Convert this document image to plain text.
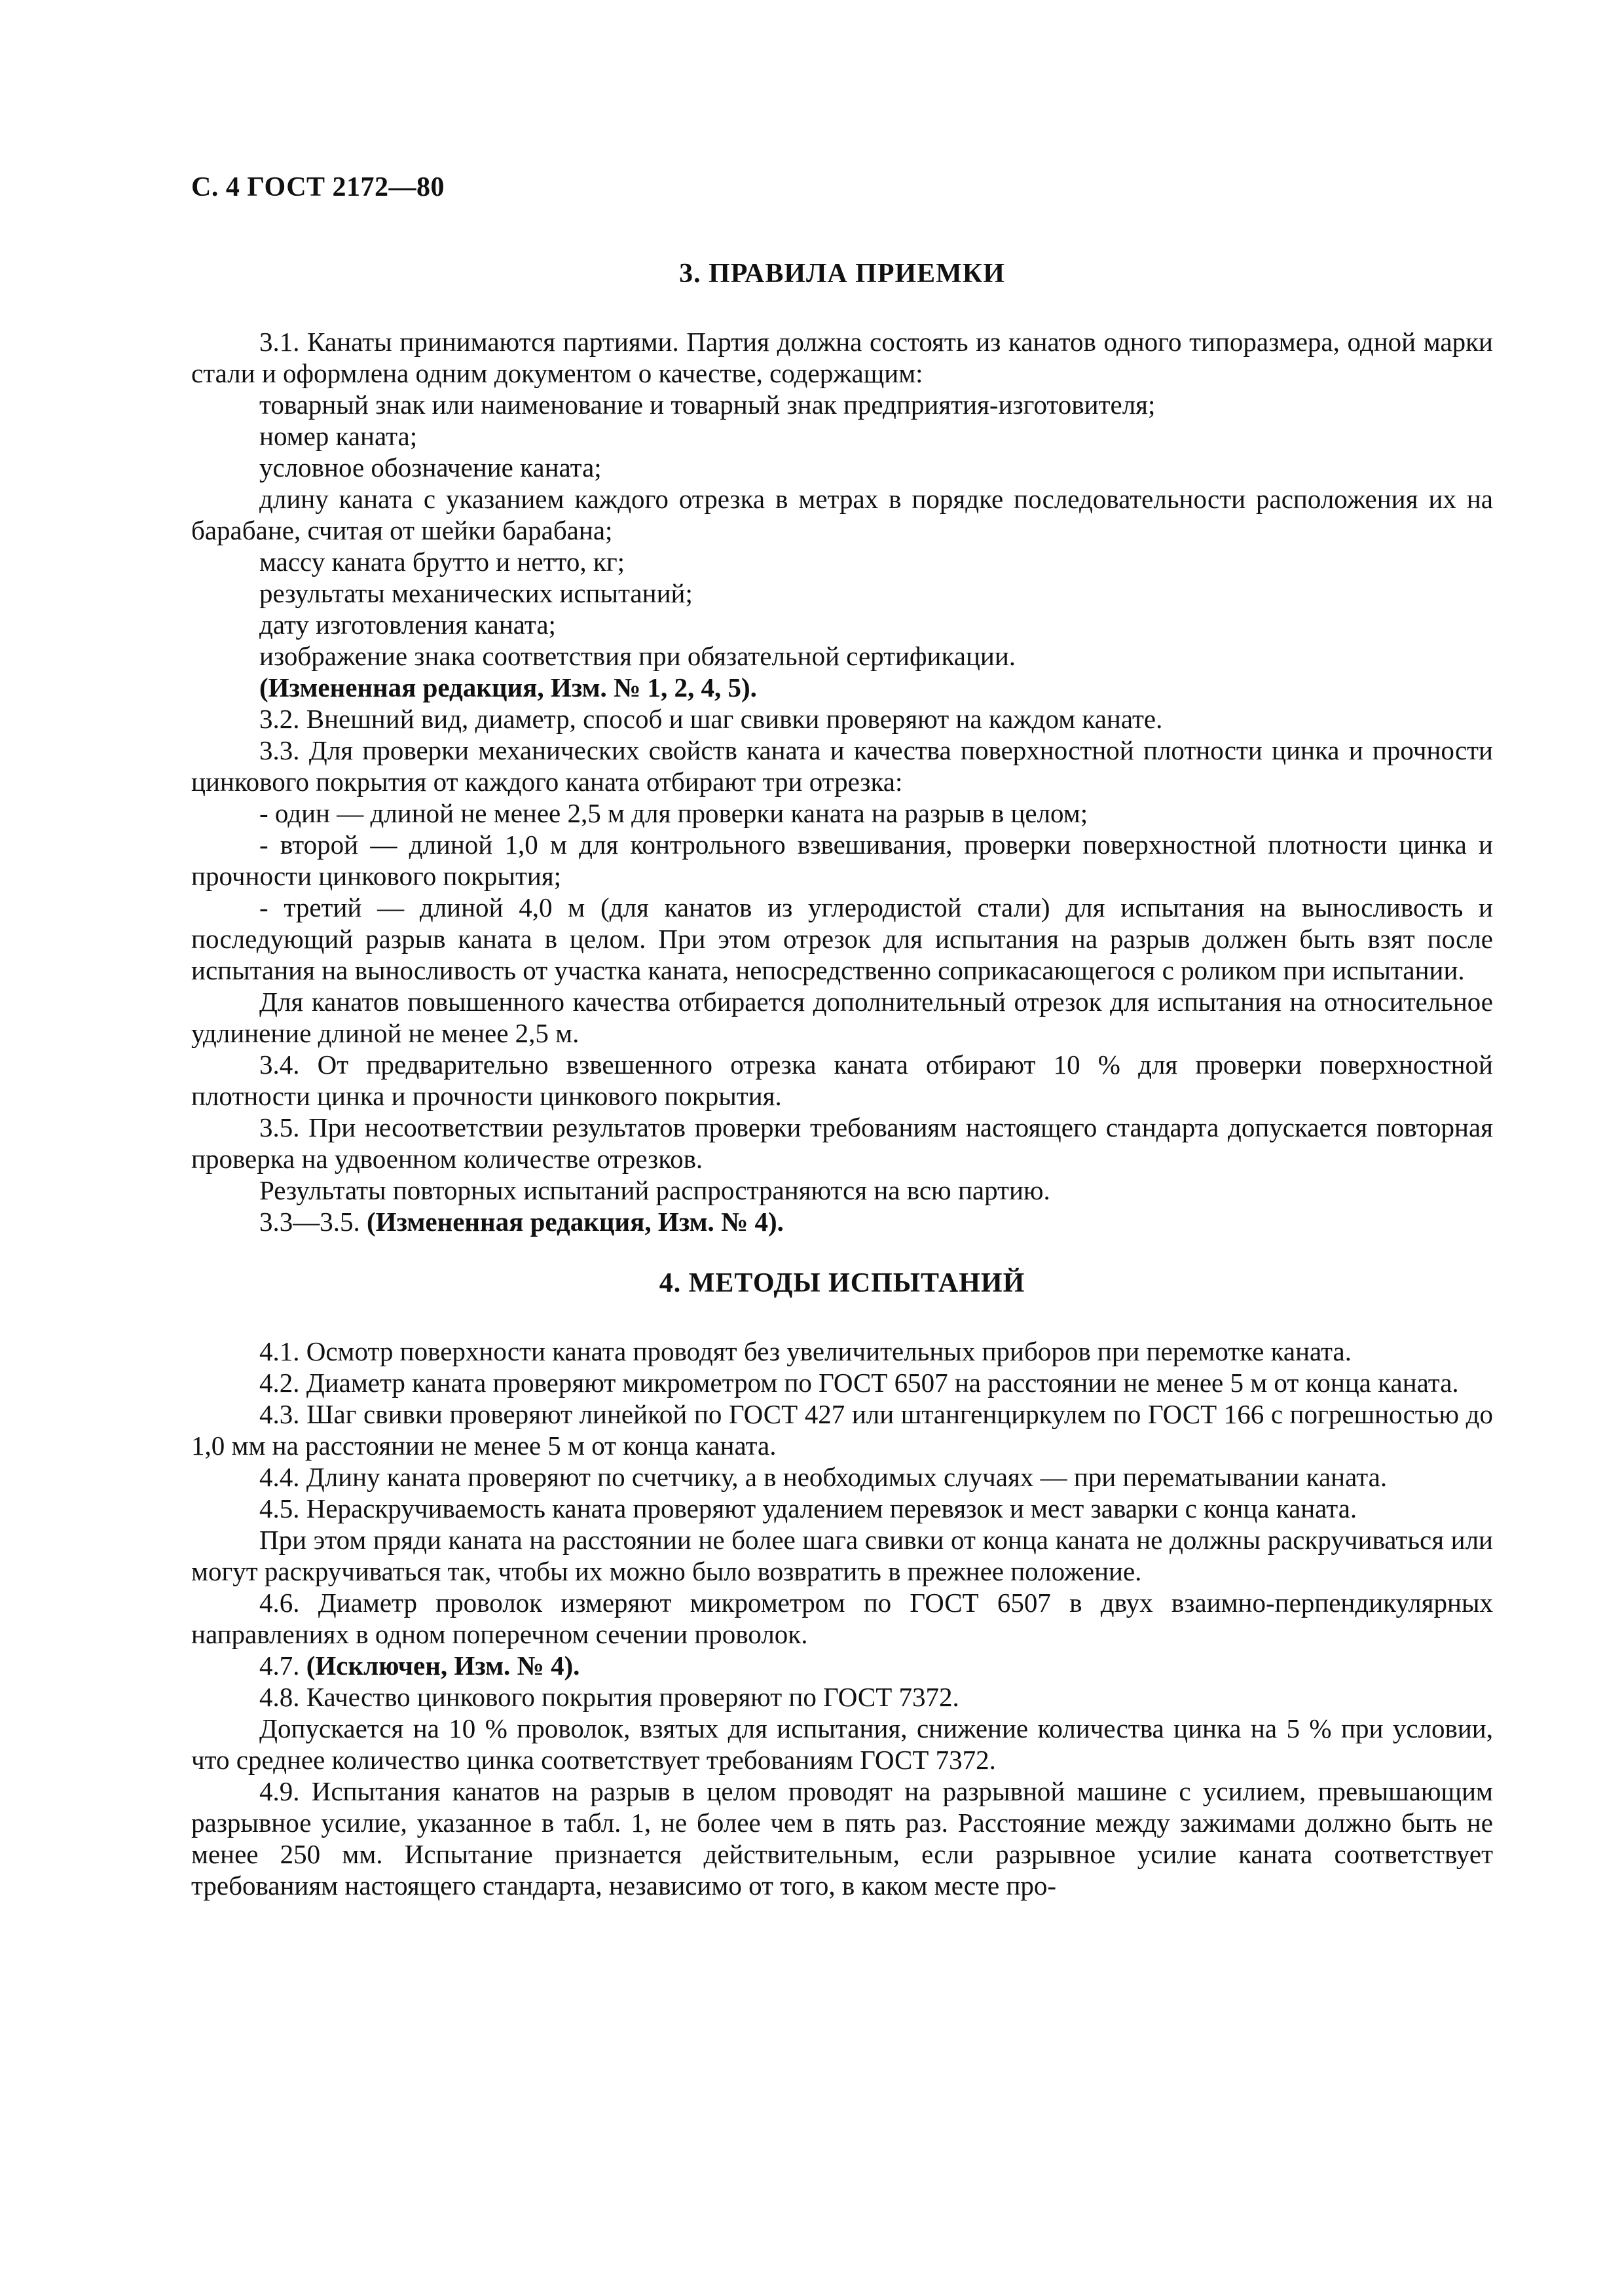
С. 4 ГОСТ 2172—80
3. ПРАВИЛА ПРИЕМКИ

3.1. Канаты принимаются партиями. Партия должна состоять из канатов одного типоразмера, одной марки стали и оформлена одним документом о качестве, содержащим:

товарный знак или наименование и товарный знак предприятия-изготовителя;

номер каната;

условное обозначение каната;

длину каната с указанием каждого отрезка в метрах в порядке последовательности расположения их на барабане, считая от шейки барабана;

массу каната брутто и нетто, кг;

результаты механических испытаний;

дату изготовления каната;

изображение знака соответствия при обязательной сертификации.

(Измененная редакция, Изм. № 1, 2, 4, 5).

3.2. Внешний вид, диаметр, способ и шаг свивки проверяют на каждом канате.

3.3. Для проверки механических свойств каната и качества поверхностной плотности цинка и прочности цинкового покрытия от каждого каната отбирают три отрезка:

- один — длиной не менее 2,5 м для проверки каната на разрыв в целом;

- второй — длиной 1,0 м для контрольного взвешивания, проверки поверхностной плотности цинка и прочности цинкового покрытия;

- третий — длиной 4,0 м (для канатов из углеродистой стали) для испытания на выносливость и последующий разрыв каната в целом. При этом отрезок для испытания на разрыв должен быть взят после испытания на выносливость от участка каната, непосредственно соприкасающегося с роликом при испытании.

Для канатов повышенного качества отбирается дополнительный отрезок для испытания на относительное удлинение длиной не менее 2,5 м.

3.4. От предварительно взвешенного отрезка каната отбирают 10 % для проверки поверхностной плотности цинка и прочности цинкового покрытия.

3.5. При несоответствии результатов проверки требованиям настоящего стандарта допускается повторная проверка на удвоенном количестве отрезков.

Результаты повторных испытаний распространяются на всю партию.

3.3—3.5. (Измененная редакция, Изм. № 4).

4. МЕТОДЫ ИСПЫТАНИЙ

4.1. Осмотр поверхности каната проводят без увеличительных приборов при перемотке каната.

4.2. Диаметр каната проверяют микрометром по ГОСТ 6507 на расстоянии не менее 5 м от конца каната.

4.3. Шаг свивки проверяют линейкой по ГОСТ 427 или штангенциркулем по ГОСТ 166 с погрешностью до 1,0 мм на расстоянии не менее 5 м от конца каната.

4.4. Длину каната проверяют по счетчику, а в необходимых случаях — при перематывании каната.

4.5. Нераскручиваемость каната проверяют удалением перевязок и мест заварки с конца каната.

При этом пряди каната на расстоянии не более шага свивки от конца каната не должны раскручиваться или могут раскручиваться так, чтобы их можно было возвратить в прежнее положение.

4.6. Диаметр проволок измеряют микрометром по ГОСТ 6507 в двух взаимно-перпендикулярных направлениях в одном поперечном сечении проволок.

4.7. (Исключен, Изм. № 4).

4.8. Качество цинкового покрытия проверяют по ГОСТ 7372.

Допускается на 10 % проволок, взятых для испытания, снижение количества цинка на 5 % при условии, что среднее количество цинка соответствует требованиям ГОСТ 7372.

4.9. Испытания канатов на разрыв в целом проводят на разрывной машине с усилием, превышающим разрывное усилие, указанное в табл. 1, не более чем в пять раз. Расстояние между зажимами должно быть не менее 250 мм. Испытание признается действительным, если разрывное усилие каната соответствует требованиям настоящего стандарта, независимо от того, в каком месте про-
